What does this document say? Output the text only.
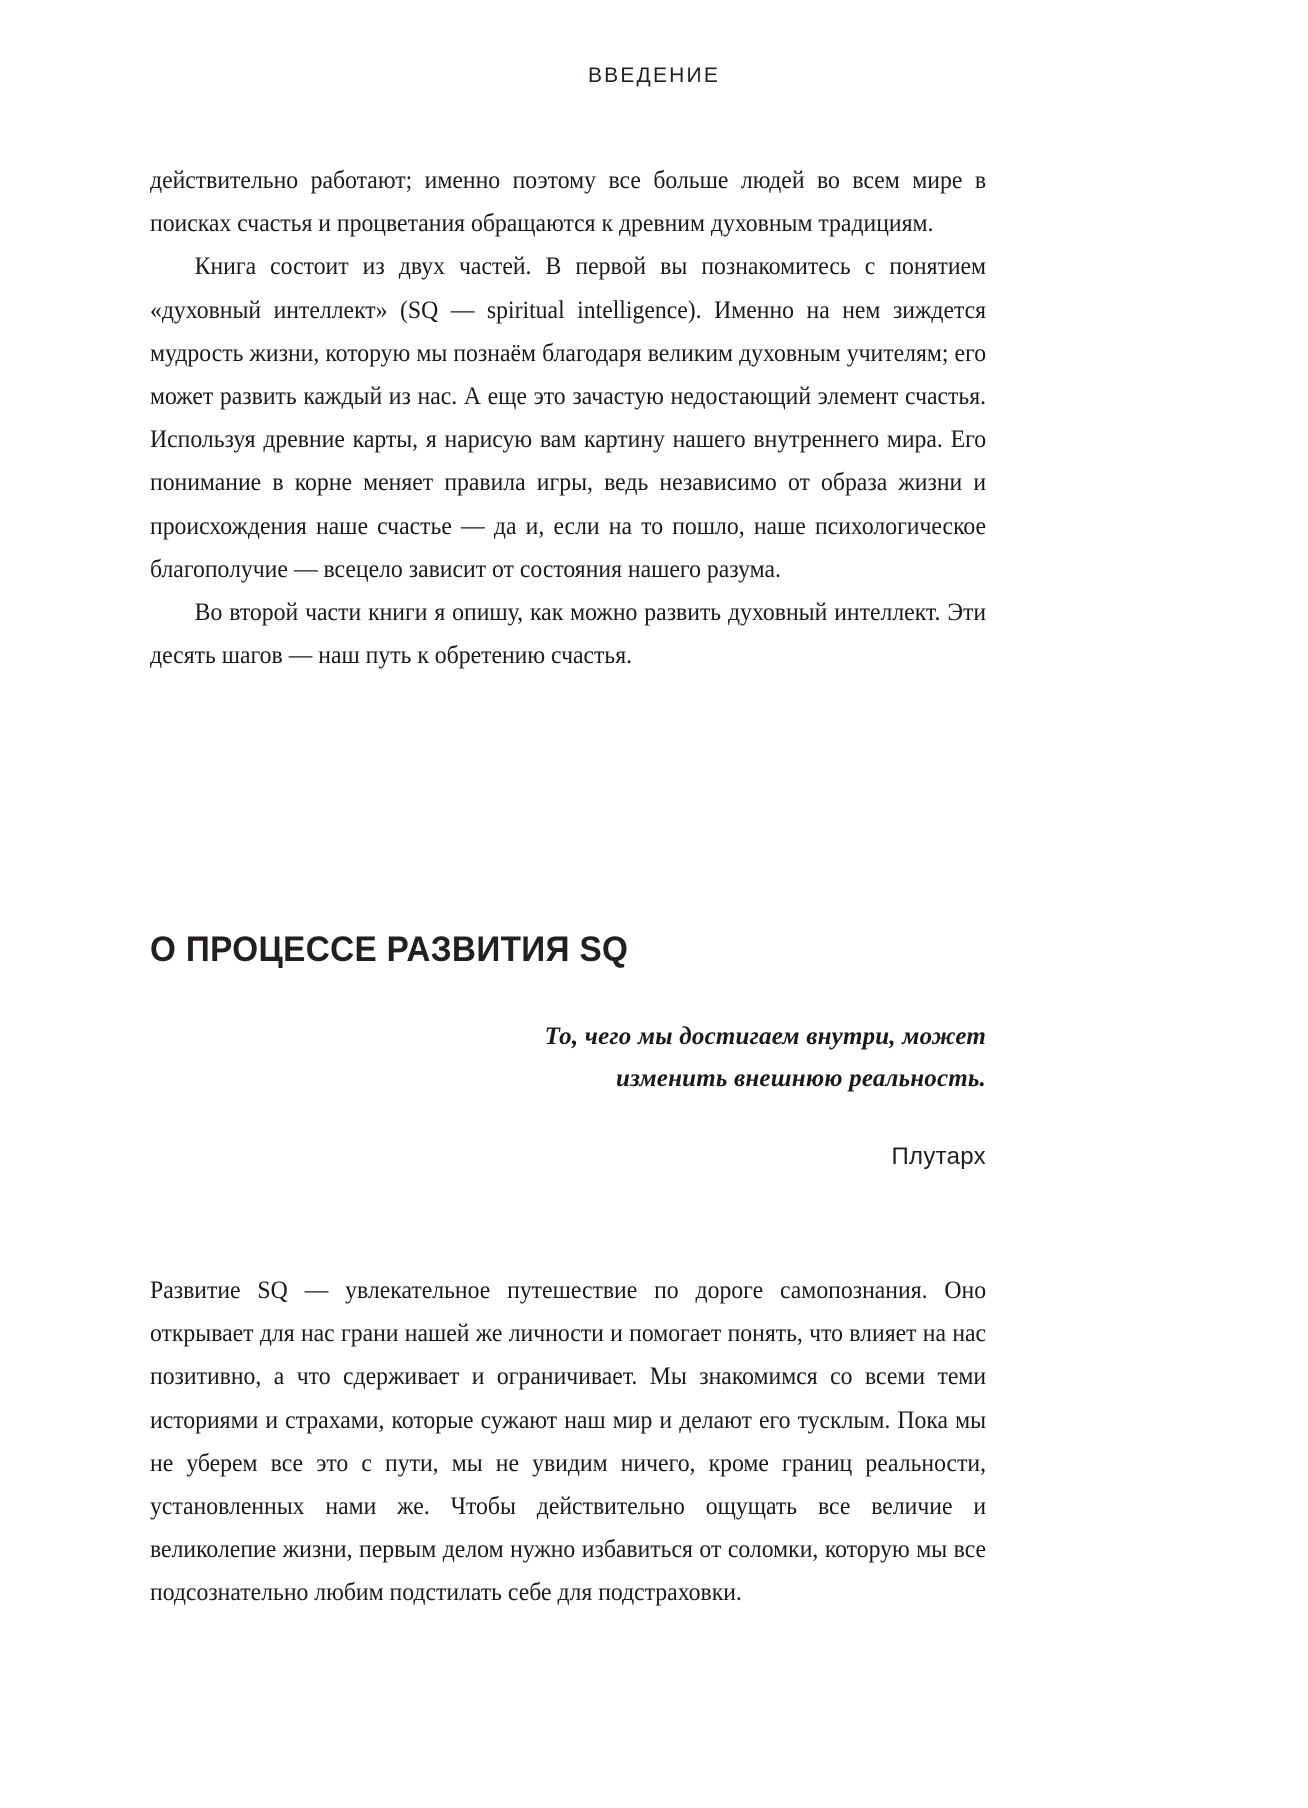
ВВЕДЕНИЕ

действительно работают; именно поэтому все больше людей во всем мире в поисках счастья и процветания обращаются к древним духовным традициям.

Книга состоит из двух частей. В первой вы познакомитесь с понятием «духовный интеллект» (SQ — spiritual intelligence). Именно на нем зиждется мудрость жизни, которую мы познаём благодаря великим духовным учителям; его может развить каждый из нас. А еще это зачастую недостающий элемент счастья. Используя древние карты, я нарисую вам картину нашего внутреннего мира. Его понимание в корне меняет правила игры, ведь независимо от образа жизни и происхождения наше счастье — да и, если на то пошло, наше психологическое благополучие — всецело зависит от состояния нашего разума.

Во второй части книги я опишу, как можно развить духовный интеллект. Эти десять шагов — наш путь к обретению счастья.

О ПРОЦЕССЕ РАЗВИТИЯ SQ

То, чего мы достигаем внутри, может

изменить внешнюю реальность.

Плутарх

Развитие SQ — увлекательное путешествие по дороге самопознания. Оно открывает для нас грани нашей же личности и помогает понять, что влияет на нас позитивно, а что сдерживает и ограничивает. Мы знакомимся со всеми теми историями и страхами, которые сужают наш мир и делают его тусклым. Пока мы не уберем все это с пути, мы не увидим ничего, кроме границ реальности, установленных нами же. Чтобы действительно ощущать все величие и великолепие жизни, первым делом нужно избавиться от соломки, которую мы все подсознательно любим подстилать себе для подстраховки.
